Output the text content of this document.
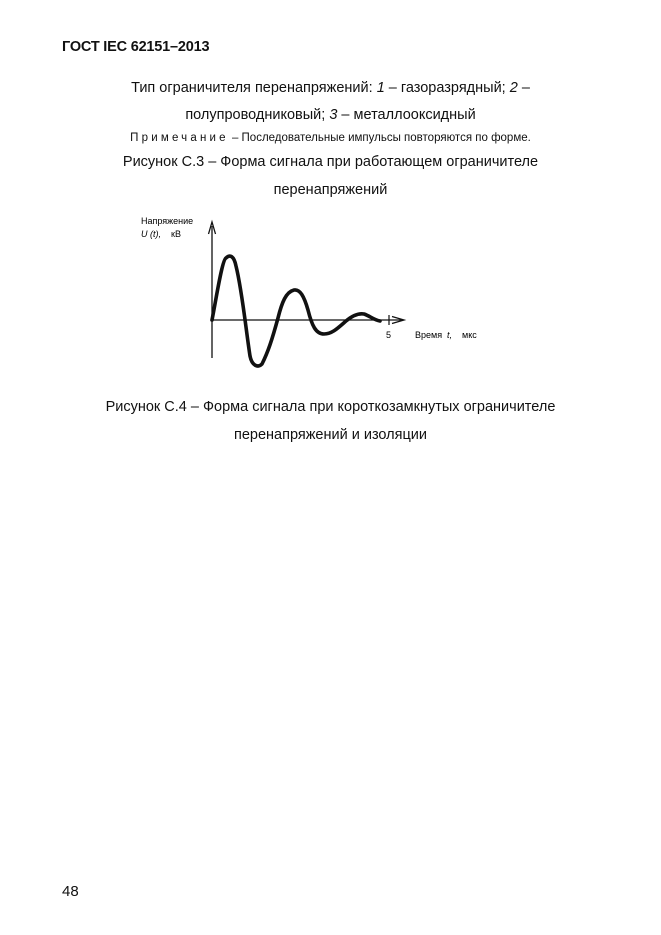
ГОСТ IEC 62151–2013
Тип ограничителя перенапряжений: 1 – газоразрядный; 2 –
полупроводниковый; 3 – металлооксидный
Примечание – Последовательные импульсы повторяются по форме.
Рисунок С.3 – Форма сигнала при работающем ограничителе
перенапряжений
5
Напряжение
U (t), кВ
Время t, мкс
Рисунок С.4 – Форма сигнала при короткозамкнутых ограничителе
перенапряжений и изоляции
48
